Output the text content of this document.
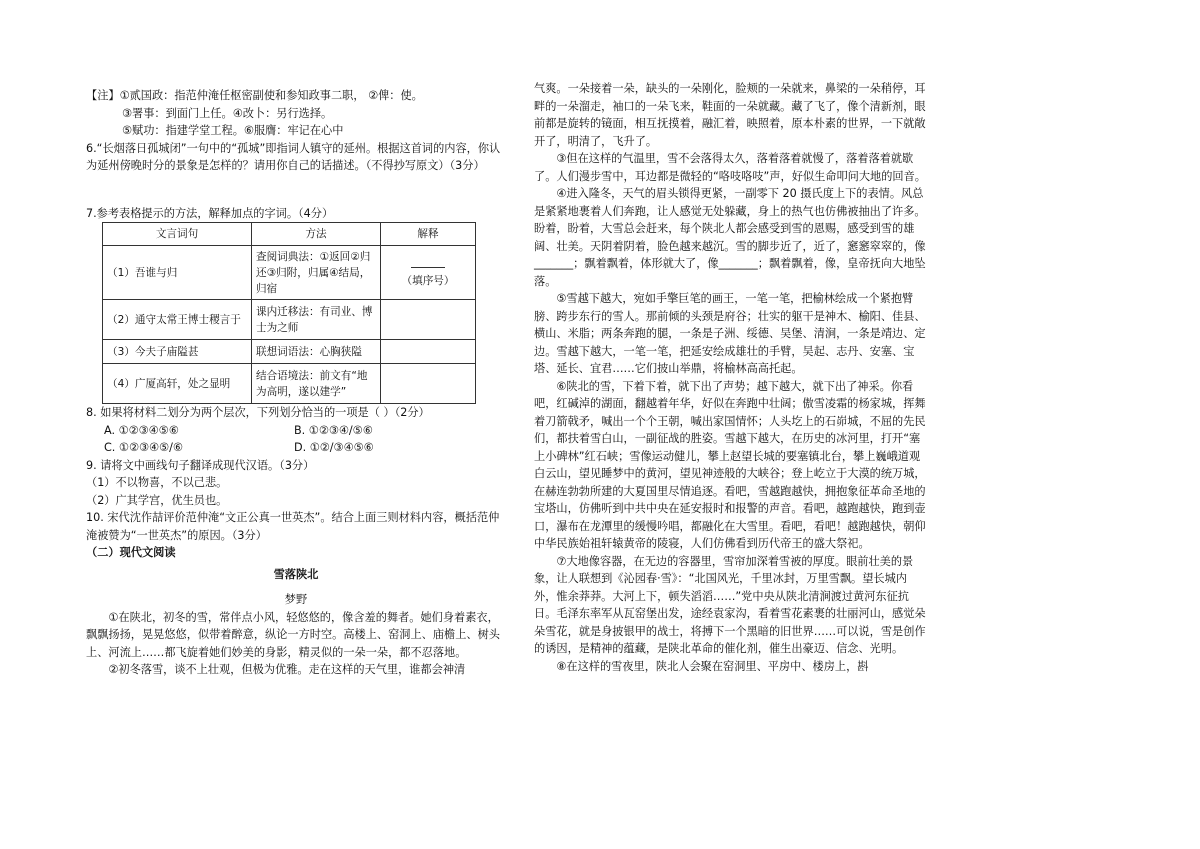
【注】①贰国政：指范仲淹任枢密副使和参知政事二职， ②俾：使。

③署事：到面门上任。④改卜：另行选择。

⑤赋功：指建学堂工程。⑥服膺：牢记在心中

6.“长烟落日孤城闭”一句中的“孤城”即指词人镇守的延州。根据这首词的内容，你认为延州傍晚时分的景象是怎样的？请用你自己的话描述。（不得抄写原文）（3分）

7.参考表格提示的方法，解释加点的字词。（4分）

文言词句	方法	解释
（1）吾谁与归	查阅词典法：①返回②归还③归附，归属④结局，归宿	（填序号）
（2）通守太常王博士稷言于	课内迁移法：有司业、博士为之师	
（3）今夫子庙隘甚	联想词语法：心胸狭隘	
（4）广厦高轩，处之显明	结合语境法：前文有“地为高明，遂以建学”	

8. 如果将材料二划分为两个层次，下列划分恰当的一项是（ ）（2分）

A. ①②③④⑤⑥	B. ①②③④/⑤⑥
C. ①②③④⑤/⑥	D. ①②/③④⑤⑥

9. 请将文中画线句子翻译成现代汉语。（3分）

（1）不以物喜，不以己悲。

（2）广其学宫，优生员也。

10. 宋代沈作喆评价范仲淹“文正公真一世英杰”。结合上面三则材料内容，概括范仲淹被赞为“一世英杰”的原因。（3分）

（二）现代文阅读

雪落陕北

梦野

①在陕北，初冬的雪，常伴点小风，轻悠悠的，像含羞的舞者。她们身着素衣，飘飘扬扬，晃晃悠悠，似带着醉意，纵论一方时空。高楼上、窑洞上、庙檐上、树头上、河流上……都飞旋着她们妙美的身影，精灵似的一朵一朵，都不忍落地。

②初冬落雪，谈不上壮观，但极为优雅。走在这样的天气里，谁都会神清

气爽。一朵接着一朵，缺头的一朵刚化，脸颊的一朵就来，鼻梁的一朵稍停，耳畔的一朵溜走，袖口的一朵飞来，鞋面的一朵就藏。藏了飞了，像个清新剂，眼前都是旋转的镜面，相互抚摸着，融汇着，映照着，原本朴素的世界，一下就敞开了，明清了，飞升了。

③但在这样的气温里，雪不会落得太久，落着落着就慢了，落着落着就歇了。人们漫步雪中，耳边都是微轻的“咯吱咯吱”声，好似生命叩问大地的回音。

④进入隆冬，天气的眉头锁得更紧，一副零下 20 摄氏度上下的表情。风总是紧紧地裹着人们奔跑，让人感觉无处躲藏，身上的热气也仿佛被抽出了许多。盼着，盼着，大雪总会赶来，每个陕北人都会感受到雪的恩赐，感受到雪的雄阔、壮美。天阴着阴着，脸色越来越沉。雪的脚步近了，近了，窸窸窣窣的，像_______；飘着飘着，体形就大了，像_______；飘着飘着，像，皇帝抚向大地坠落。

⑤雪越下越大，宛如手擎巨笔的画王，一笔一笔，把榆林绘成一个紧抱臂膀、跨步东行的雪人。那前倾的头颈是府谷；壮实的躯干是神木、榆阳、佳县、横山、米脂；两条奔跑的腿，一条是子洲、绥德、吴堡、清涧，一条是靖边、定边。雪越下越大，一笔一笔，把延安绘成雄壮的手臂，吴起、志丹、安塞、宝塔、延长、宜君……它们披山举鼎，将榆林高高托起。

⑥陕北的雪，下着下着，就下出了声势；越下越大，就下出了神采。你看吧，红碱淖的湖面，翻越着年华，好似在奔跑中壮阔；傲雪凌霜的杨家城，挥舞着刀箭戟矛，喊出一个个王朝，喊出家国情怀；人头圪上的石峁城，不屈的先民们，都扶着雪白山，一副征战的胜姿。雪越下越大，在历史的冰河里，打开“塞上小碑林”红石峡；雪像运动健儿，攀上赵望长城的要塞镇北台，攀上巍峨道观白云山，望见睡梦中的黄河，望见神迹般的大峡谷；登上屹立于大漠的统万城，在赫连勃勃所建的大夏国里尽情追逐。看吧，雪越跑越快，拥抱象征革命圣地的宝塔山，仿佛听到中共中央在延安报时和报警的声音。看吧，越跑越快，跑到壶口，瀑布在龙潭里的缓慢吟唱，都融化在大雪里。看吧，看吧！越跑越快，朝仰中华民族始祖轩辕黄帝的陵寝，人们仿佛看到历代帝王的盛大祭祀。

⑦大地像容器，在无边的容器里，雪帘加深着雪被的厚度。眼前壮美的景象，让人联想到《沁园春·雪》：“北国风光，千里冰封，万里雪飘。望长城内外，惟余莽莽。大河上下，顿失滔滔……”党中央从陕北清涧渡过黄河东征抗日。毛泽东率军从瓦窑堡出发，途经袁家沟，看着雪花素裹的壮丽河山，感觉朵朵雪花，就是身披银甲的战士，将搏下一个黑暗的旧世界……可以说，雪是创作的诱因，是精神的蕴藏，是陕北革命的催化剂，催生出豪迈、信念、光明。

⑧在这样的雪夜里，陕北人会聚在窑洞里、平房中、楼房上，斟
